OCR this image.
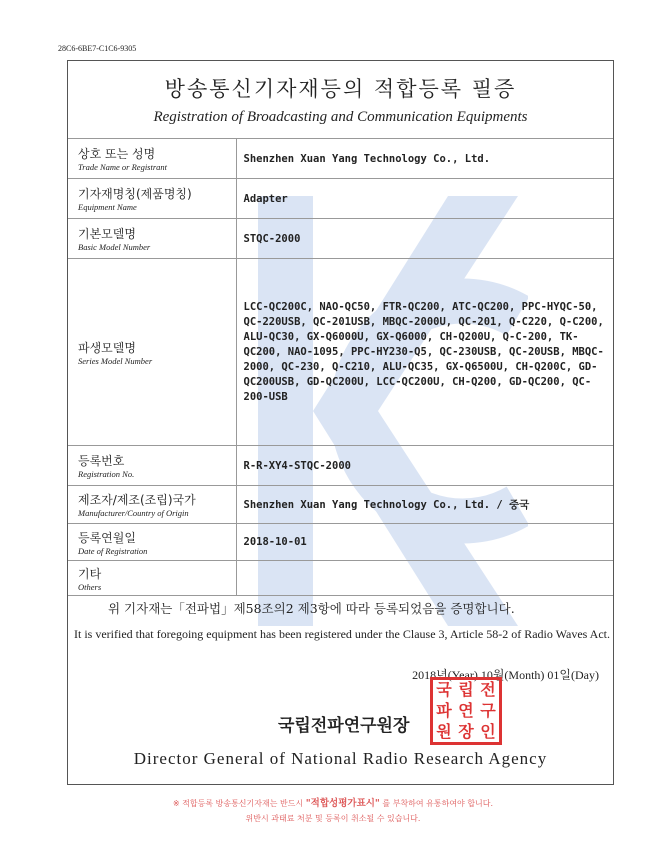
28C6-6BE7-C1C6-9305
방송통신기자재등의 적합등록 필증
Registration of Broadcasting and Communication Equipments
상호 또는 성명
Trade Name or Registrant	Shenzhen Xuan Yang Technology Co., Ltd.

기자재명칭(제품명칭)
Equipment Name	Adapter

기본모델명
Basic Model Number	STQC-2000

파생모델명
Series Model Number	LCC-QC200C, NAO-QC50, FTR-QC200, ATC-QC200, PPC-HYQC-50, QC-220USB, QC-201USB, MBQC-2000U, QC-201, Q-C220, Q-C200, ALU-QC30, GX-Q6000U, GX-Q6000, CH-Q200U, Q-C-200, TK-QC200, NAO-1095, PPC-HY230-Q5, QC-230USB, QC-20USB, MBQC-2000, QC-230, Q-C210, ALU-QC35, GX-Q6500U, CH-Q200C, GD-QC200USB, GD-QC200U, LCC-QC200U, CH-Q200, GD-QC200, QC-200-USB

등록번호
Registration No.	R-R-XY4-STQC-2000

제조자/제조(조립)국가
Manufacturer/Country of Origin	Shenzhen Xuan Yang Technology Co., Ltd. / 중국

등록연월일
Date of Registration	2018-10-01

기타
Others	

위 기자재는「전파법」제58조의2 제3항에 따라 등록되었음을 증명합니다.
It is verified that foregoing equipment has been registered under the Clause 3, Article 58-2 of Radio Waves Act.
2018년(Year) 10월(Month) 01일(Day)
국립전파연구원장
국 립 전
파 연 구
원 장 인
Director General of National Radio Research Agency
※ 적합등록 방송통신기자재는 반드시 "적합성평가표시" 를 부착하여 유통하여야 합니다.
위반시 과태료 처분 및 등록이 취소될 수 있습니다.
